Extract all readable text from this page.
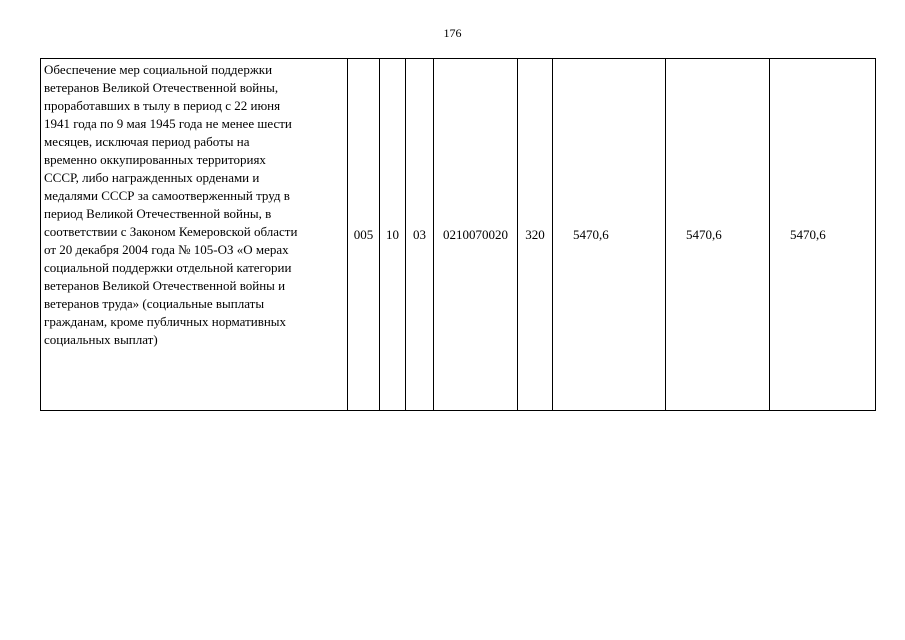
176
Обеспечение мер социальной поддержки
ветеранов Великой Отечественной войны,
проработавших в тылу в период с 22 июня
1941 года по 9 мая 1945 года не менее шести
месяцев, исключая период работы на
временно оккупированных территориях
СССР, либо награжденных орденами и
медалями СССР за самоотверженный труд в
период Великой Отечественной войны, в
соответствии с Законом Кемеровской области
от 20 декабря 2004 года № 105-ОЗ «О мерах
социальной поддержки отдельной категории
ветеранов Великой Отечественной войны и
ветеранов труда» (социальные выплаты
гражданам, кроме публичных нормативных
социальных выплат)
	005	10	03	0210070020	320	5470,6	5470,6	5470,6
